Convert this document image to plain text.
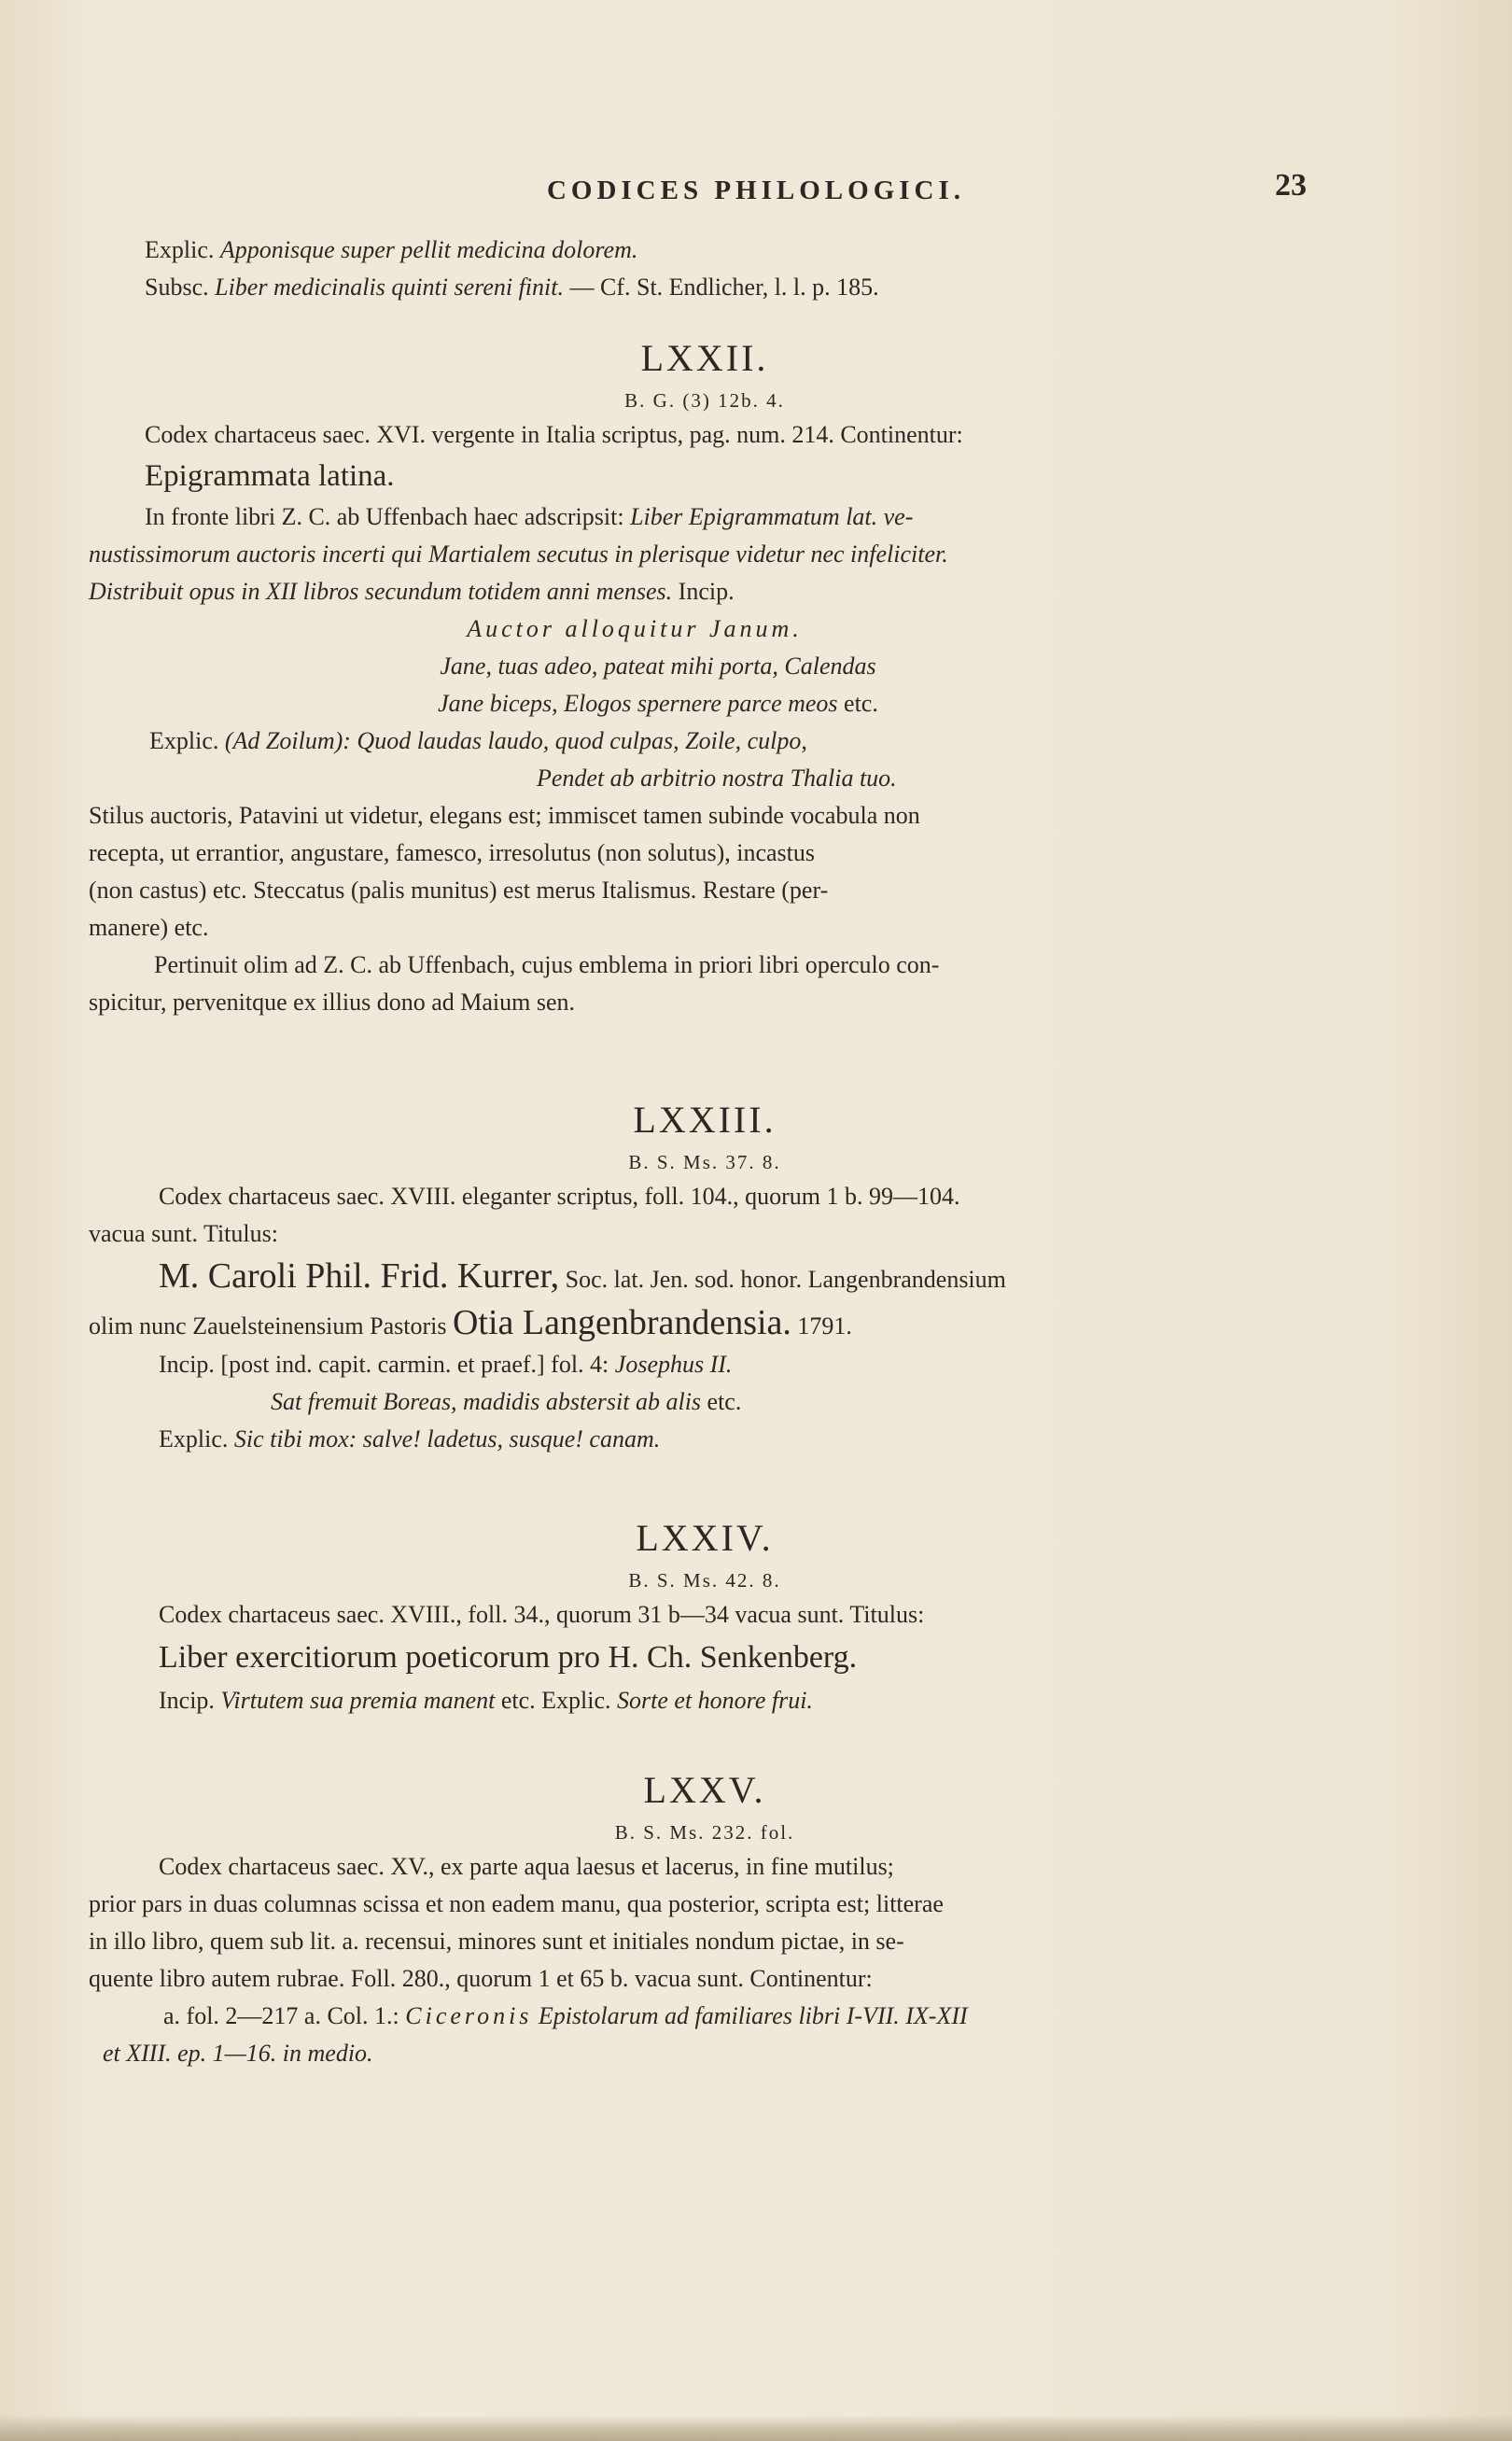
CODICES PHILOLOGICI.	23
Explic. Apponisque super pellit medicina dolorem.
Subsc. Liber medicinalis quinti sereni finit. — Cf. St. Endlicher, l. l. p. 185.
LXXII.
B. G. (3) 12b. 4.
Codex chartaceus saec. XVI. vergente in Italia scriptus, pag. num. 214. Continentur:
Epigrammata latina.
In fronte libri Z. C. ab Uffenbach haec adscripsit: Liber Epigrammatum lat. ve-
nustissimorum auctoris incerti qui Martialem secutus in plerisque videtur nec infeliciter.
Distribuit opus in XII libros secundum totidem anni menses. Incip.
Auctor alloquitur Janum.
Jane, tuas adeo, pateat mihi porta, Calendas
Jane biceps, Elogos spernere parce meos etc.
Explic. (Ad Zoilum): Quod laudas laudo, quod culpas, Zoile, culpo,
Pendet ab arbitrio nostra Thalia tuo.
Stilus auctoris, Patavini ut videtur, elegans est; immiscet tamen subinde vocabula non
recepta, ut errantior, angustare, famesco, irresolutus (non solutus), incastus
(non castus) etc. Steccatus (palis munitus) est merus Italismus. Restare (per-
manere) etc.
Pertinuit olim ad Z. C. ab Uffenbach, cujus emblema in priori libri operculo con-
spicitur, pervenitque ex illius dono ad Maium sen.
LXXIII.
B. S. Ms. 37. 8.
Codex chartaceus saec. XVIII. eleganter scriptus, foll. 104., quorum 1 b. 99—104.
vacua sunt. Titulus:
M. Caroli Phil. Frid. Kurrer, Soc. lat. Jen. sod. honor. Langenbrandensium
olim nunc Zauelsteinensium Pastoris Otia Langenbrandensia. 1791.
Incip. [post ind. capit. carmin. et praef.] fol. 4: Josephus II.
Sat fremuit Boreas, madidis abstersit ab alis etc.
Explic. Sic tibi mox: salve! ladetus, susque! canam.
LXXIV.
B. S. Ms. 42. 8.
Codex chartaceus saec. XVIII., foll. 34., quorum 31 b—34 vacua sunt. Titulus:
Liber exercitiorum poeticorum pro H. Ch. Senkenberg.
Incip. Virtutem sua premia manent etc. Explic. Sorte et honore frui.
LXXV.
B. S. Ms. 232. fol.
Codex chartaceus saec. XV., ex parte aqua laesus et lacerus, in fine mutilus;
prior pars in duas columnas scissa et non eadem manu, qua posterior, scripta est; litterae
in illo libro, quem sub lit. a. recensui, minores sunt et initiales nondum pictae, in se-
quente libro autem rubrae. Foll. 280., quorum 1 et 65 b. vacua sunt. Continentur:
a. fol. 2—217 a. Col. 1.: Ciceronis Epistolarum ad familiares libri I-VII. IX-XII
et XIII. ep. 1—16. in medio.
